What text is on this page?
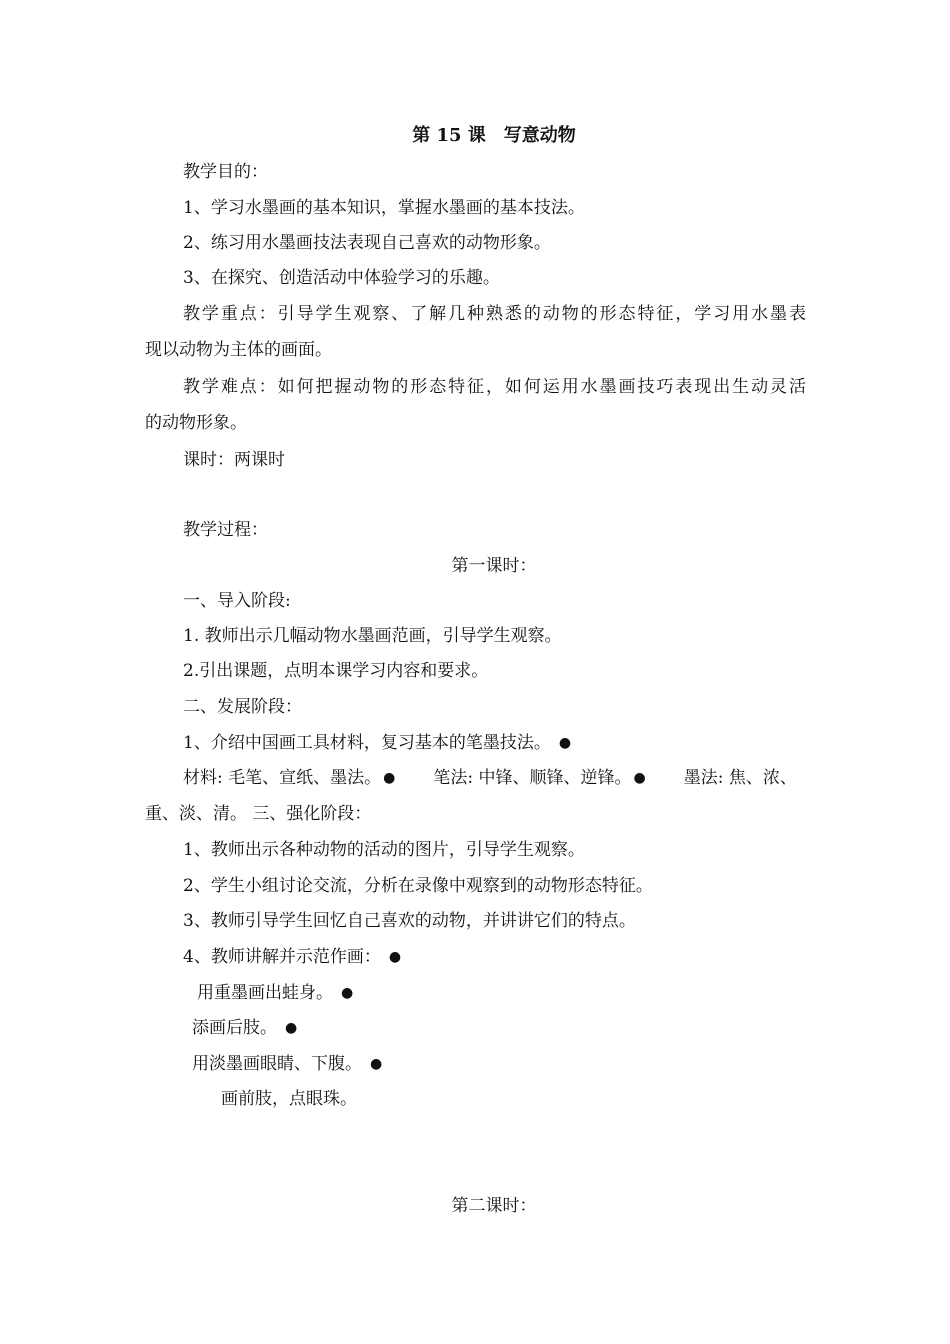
第 15 课　写意动物
教学目的：
1、学习水墨画的基本知识，掌握水墨画的基本技法。
2、练习用水墨画技法表现自己喜欢的动物形象。
3、在探究、创造活动中体验学习的乐趣。
教学重点：引导学生观察、了解几种熟悉的动物的形态特征，学习用水墨表
现以动物为主体的画面。
教学难点：如何把握动物的形态特征，如何运用水墨画技巧表现出生动灵活
的动物形象。
课时：两课时
教学过程：
第一课时：
一、导入阶段:
1. 教师出示几幅动物水墨画范画，引导学生观察。
2.引出课题，点明本课学习内容和要求。
二、发展阶段：
1、介绍中国画工具材料，复习基本的笔墨技法。 ●
材料: 毛笔、宣纸、墨法。 ● 笔法: 中锋、顺锋、逆锋。 ● 墨法: 焦、浓、
重、淡、清。 三、强化阶段：
1、教师出示各种动物的活动的图片，引导学生观察。
2、学生小组讨论交流，分析在录像中观察到的动物形态特征。
3、教师引导学生回忆自己喜欢的动物，并讲讲它们的特点。
4、教师讲解并示范作画： ●
用重墨画出蛙身。 ●
添画后肢。 ●
用淡墨画眼睛、下腹。 ●
画前肢，点眼珠。
第二课时：
